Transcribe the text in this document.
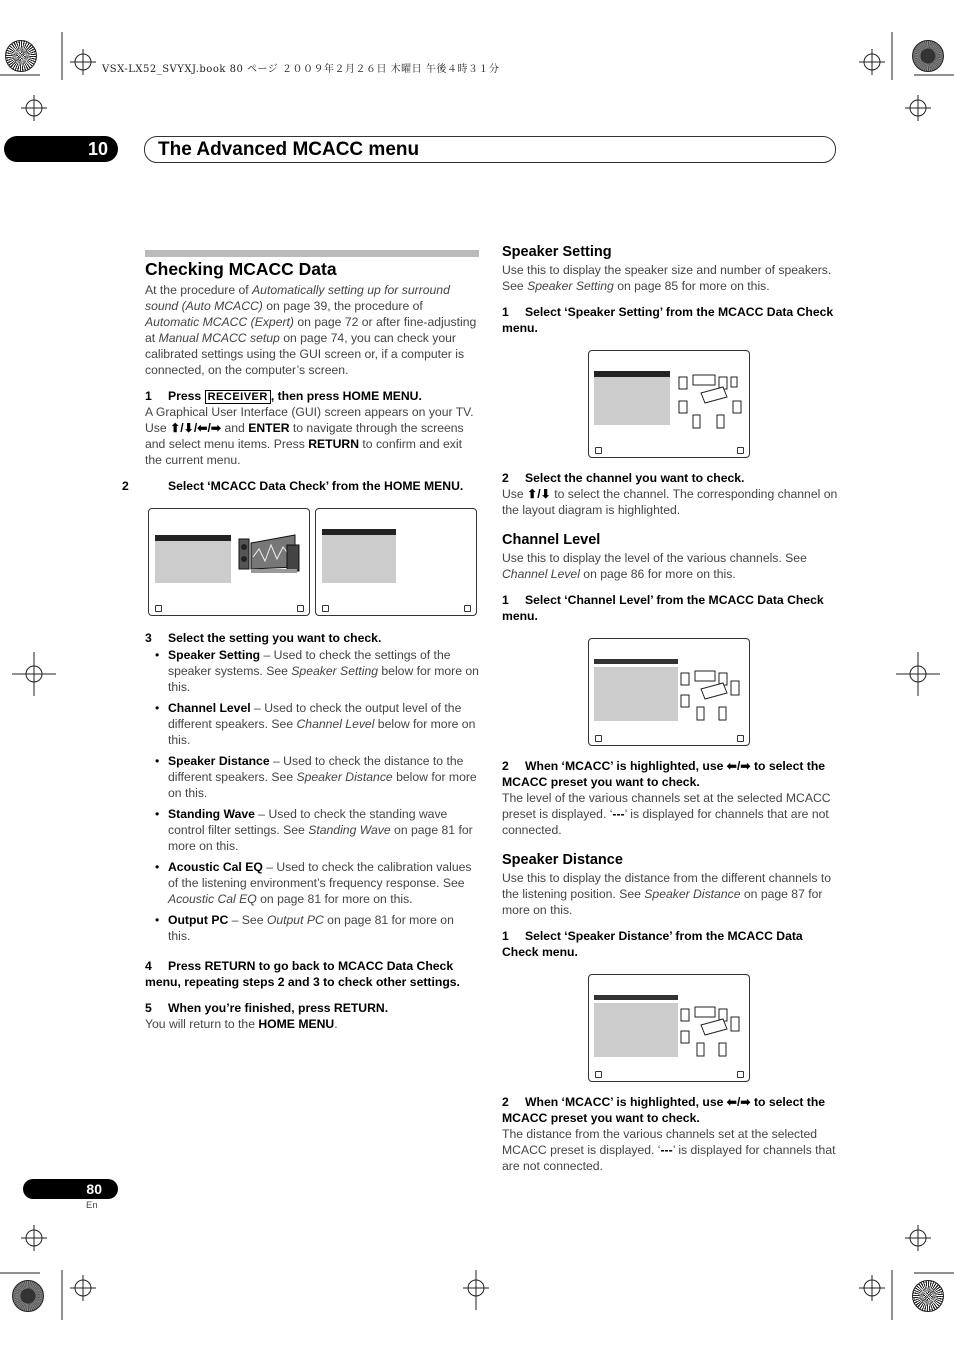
VSX-LX52_SVYXJ.book 80 ページ ２００９年２月２６日 木曜日 午後４時３１分
10	The Advanced MCACC menu
Checking MCACC Data

At the procedure of Automatically setting up for surround sound (Auto MCACC) on page 39, the procedure of Automatic MCACC (Expert) on page 72 or after fine-adjusting at Manual MCACC setup on page 74, you can check your calibrated settings using the GUI screen or, if a computer is connected, on the computer’s screen.

1 Press RECEIVER , then press HOME MENU.

A Graphical User Interface (GUI) screen appears on your TV. Use ⬆/⬇/⬅/➡ and ENTER to navigate through the screens and select menu items. Press RETURN to confirm and exit the current menu.

2	Select ‘MCACC Data Check’ from the HOME MENU.
3 Select the setting you want to check.
• Speaker Setting – Used to check the settings of the speaker systems. See Speaker Setting below for more on this.
• Channel Level – Used to check the output level of the different speakers. See Channel Level below for more on this.
• Speaker Distance – Used to check the distance to the different speakers. See Speaker Distance below for more on this.
• Standing Wave – Used to check the standing wave control filter settings. See Standing Wave on page 81 for more on this.
• Acoustic Cal EQ – Used to check the calibration values of the listening environment’s frequency response. See Acoustic Cal EQ on page 81 for more on this.
• Output PC – See Output PC on page 81 for more on this.
4 Press RETURN to go back to MCACC Data Check menu, repeating steps 2 and 3 to check other settings.
5 When you’re finished, press RETURN.

You will return to the HOME MENU.

Speaker Setting

Use this to display the speaker size and number of speakers. See Speaker Setting on page 85 for more on this.

1 Select ‘Speaker Setting’ from the MCACC Data Check menu.
2 Select the channel you want to check.

Use ⬆/⬇ to select the channel. The corresponding channel on the layout diagram is highlighted.

Channel Level

Use this to display the level of the various channels. See Channel Level on page 86 for more on this.

1 Select ‘Channel Level’ from the MCACC Data Check menu.
2 When ‘MCACC’ is highlighted, use ⬅/➡ to select the MCACC preset you want to check.

The level of the various channels set at the selected MCACC preset is displayed. ‘---’ is displayed for channels that are not connected.

Speaker Distance

Use this to display the distance from the different channels to the listening position. See Speaker Distance on page 87 for more on this.

1 Select ‘Speaker Distance’ from the MCACC Data Check menu.
2 When ‘MCACC’ is highlighted, use ⬅/➡ to select the MCACC preset you want to check.

The distance from the various channels set at the selected MCACC preset is displayed. ‘---’ is displayed for channels that are not connected.

80
En
